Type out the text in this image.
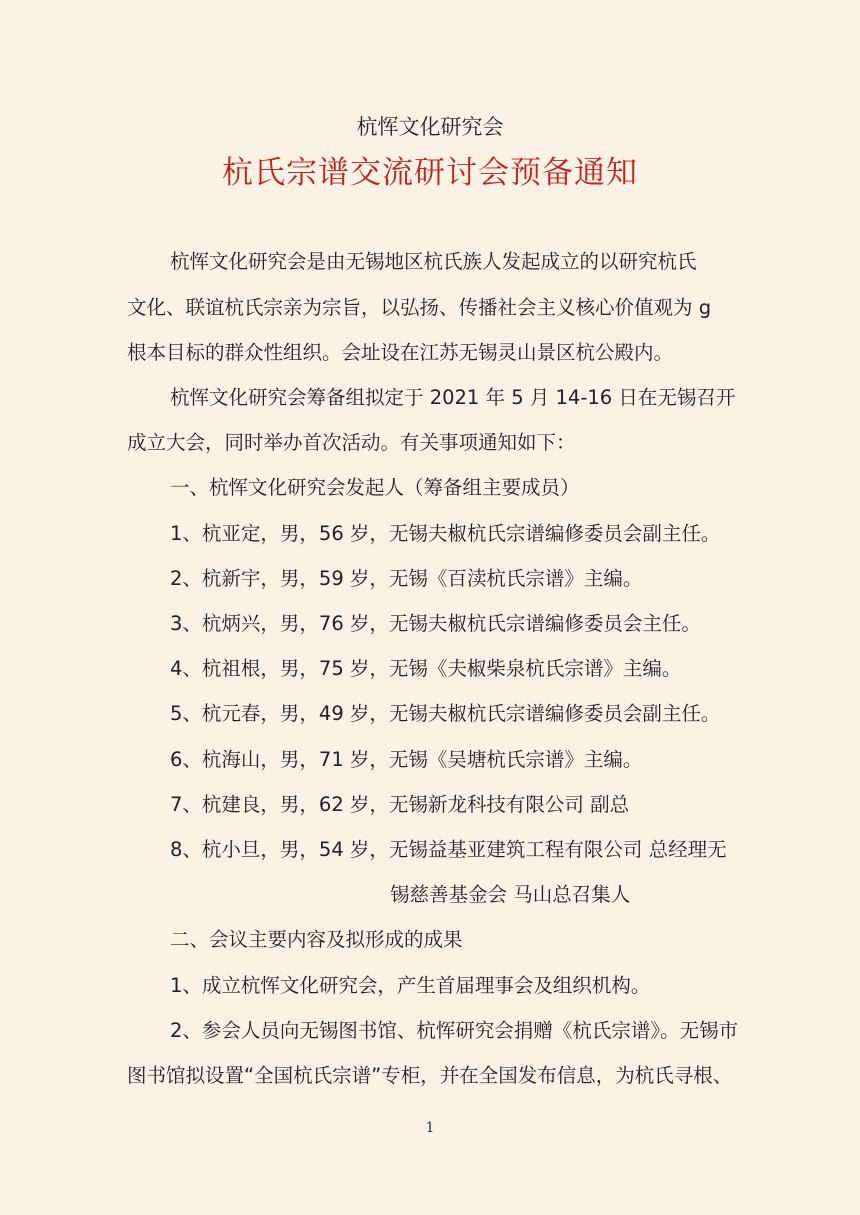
杭恽文化研究会
杭氏宗谱交流研讨会预备通知
杭恽文化研究会是由无锡地区杭氏族人发起成立的以研究杭氏
文化、联谊杭氏宗亲为宗旨，以弘扬、传播社会主义核心价值观为 g
根本目标的群众性组织。会址设在江苏无锡灵山景区杭公殿内。
杭恽文化研究会筹备组拟定于 2021 年 5 月 14-16 日在无锡召开
成立大会，同时举办首次活动。有关事项通知如下：
一、杭恽文化研究会发起人（筹备组主要成员）
1、杭亚定，男，56 岁，无锡夫椒杭氏宗谱编修委员会副主任。
2、杭新宇，男，59 岁，无锡《百渎杭氏宗谱》主编。
3、杭炳兴，男，76 岁，无锡夫椒杭氏宗谱编修委员会主任。
4、杭祖根，男，75 岁，无锡《夫椒柴泉杭氏宗谱》主编。
5、杭元春，男，49 岁，无锡夫椒杭氏宗谱编修委员会副主任。
6、杭海山，男，71 岁，无锡《吴塘杭氏宗谱》主编。
7、杭建良，男，62 岁，无锡新龙科技有限公司 副总
8、杭小旦，男，54 岁，无锡益基亚建筑工程有限公司 总经理无
锡慈善基金会 马山总召集人
二、会议主要内容及拟形成的成果
1、成立杭恽文化研究会，产生首届理事会及组织机构。
2、参会人员向无锡图书馆、杭恽研究会捐赠《杭氏宗谱》。无锡市
图书馆拟设置“全国杭氏宗谱”专柜，并在全国发布信息，为杭氏寻根、
1
